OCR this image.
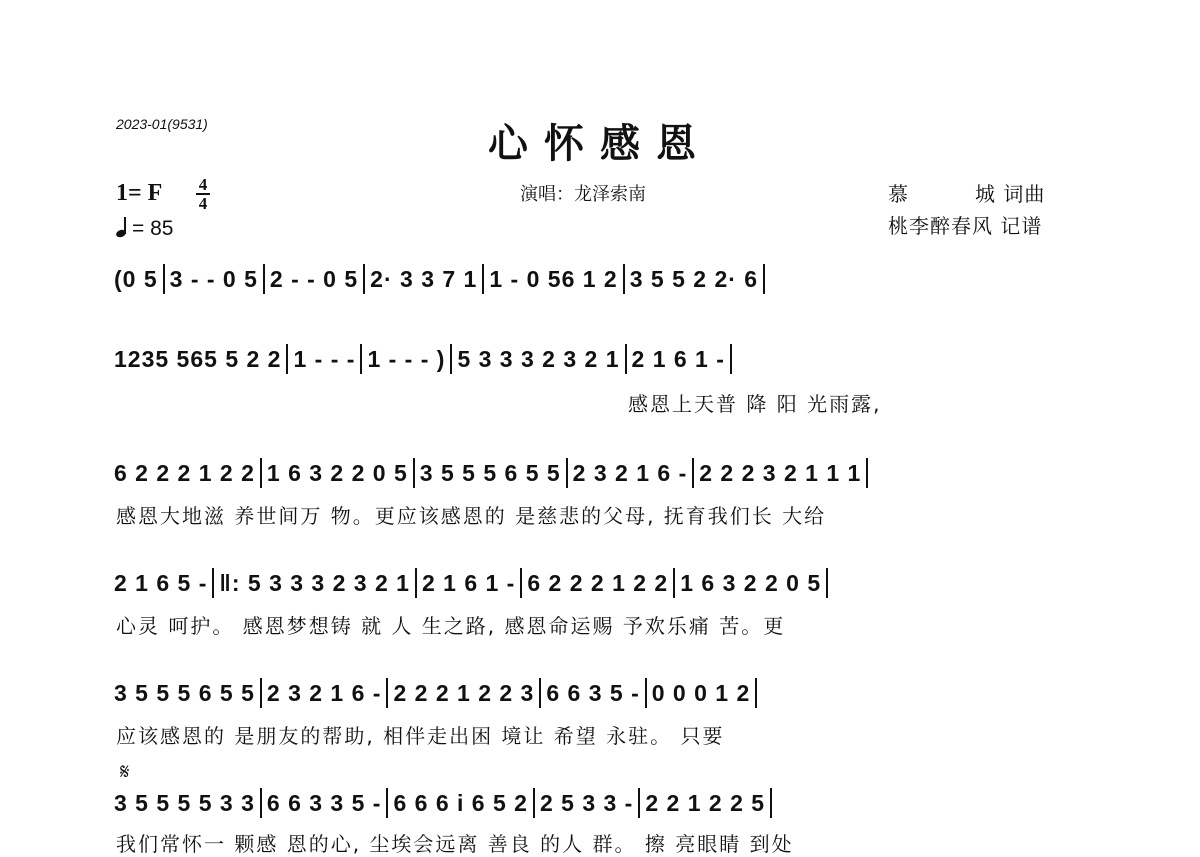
2023-01(9531)	心怀感恩
1= F 4
4
= 85
演唱：龙泽索南	慕	城 词曲
桃李醉春风 记谱
(0 5 3 - - 0 5 2 - - 0 5 2· 3 3 7 1 1 - 0 56 1 2 3 5 5 2 2· 6
1235 565 5 2 2 1 - - - 1 - - - ) 5 3 3 3 2 3 2 1 2 1 6 1 -
感恩上天普 降 阳 光雨露,
6 2 2 2 1 2 2 1 6 3 2 2 0 5 3 5 5 5 6 5 5 2 3 2 1 6 - 2 2 2 3 2 1 1 1
感恩大地滋 养世间万 物。更应该感恩的 是慈悲的父母, 抚育我们长 大给
2 1 6 5 - ‖: 5 3 3 3 2 3 2 1 2 1 6 1 - 6 2 2 2 1 2 2 1 6 3 2 2 0 5
心灵 呵护。 感恩梦想铸 就 人 生之路, 感恩命运赐 予欢乐痛 苦。更
3 5 5 5 6 5 5 2 3 2 1 6 - 2 2 2 1 2 2 3 6 6 3 5 - 0 0 0 1 2
应该感恩的 是朋友的帮助, 相伴走出困 境让 希望 永驻。 只要
𝄋
3 5 5 5 5 3 3 6 6 3 3 5 - 6 6 6 i 6 5 2 2 5 3 3 - 2 2 1 2 2 5
我们常怀一 颗感 恩的心, 尘埃会远离 善良 的人 群。 擦 亮眼睛 到处
